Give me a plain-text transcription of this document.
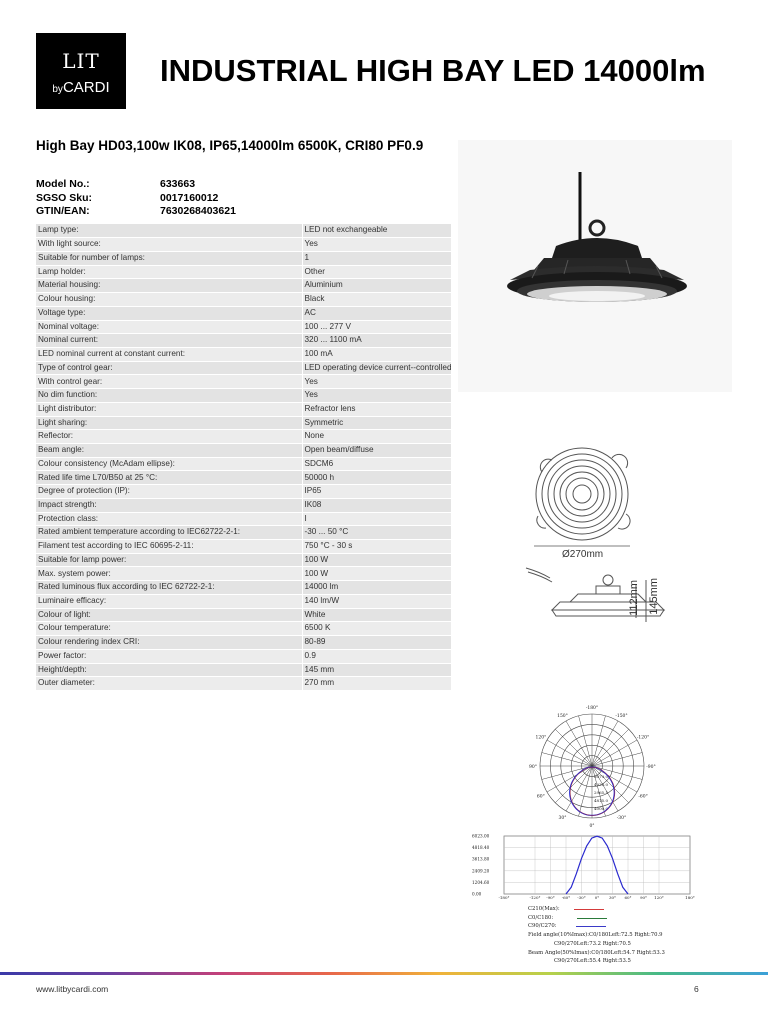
LIT
byCARDI	INDUSTRIAL HIGH BAY LED 14000lm
High Bay HD03,100w IK08, IP65,14000lm 6500K, CRI80 PF0.9
Model No.:	633663
SGSO Sku:	0017160012
GTIN/EAN:	7630268403621
Lamp type:	LED not exchangeable
With light source:	Yes
Suitable for number of lamps:	1
Lamp holder:	Other
Material housing:	Aluminium
Colour housing:	Black
Voltage type:	AC
Nominal voltage:	100 ... 277 V
Nominal current:	320 ... 1100 mA
LED nominal current at constant current:	100 mA
Type of control gear:	LED operating device current--controlled
With control gear:	Yes
No dim function:	Yes
Light distributor:	Refractor lens
Light sharing:	Symmetric
Reflector:	None
Beam angle:	Open beam/diffuse
Colour consistency (McAdam ellipse):	SDCM6
Rated life time L70/B50 at 25 °C:	50000 h
Degree of protection (IP):	IP65
Impact strength:	IK08
Protection class:	I
Rated ambient temperature according to IEC62722-2-1:	-30 ... 50 °C
Filament test according to IEC 60695-2-11:	750 °C - 30 s
Suitable for lamp power:	100 W
Max. system power:	100 W
Rated luminous flux according to IEC 62722-2-1:	14000 lm
Luminaire efficacy:	140 lm/W
Colour of light:	White
Colour temperature:	6500 K
Colour rendering index CRI:	80-89
Power factor:	0.9
Height/depth:	145 mm
Outer diameter:	270 mm
Ø270mm
112mm 145mm
-180°
-150°
150°
-120°
120°
-90°
90°
-60°
60°
-30°
30°
0°
5079.0
4020.0
2965.5
4815.0
4000.0
6023.00
4818.40
3613.80
2409.20
1204.60
0.00
-180°	-120° -90° -60° -30° 0° 30° 60° 90° 120°	180°
C210(Max):
C0/C180:
C90/C270:
Field angle(10%Imax):C0/180Left:72.5 Right:70.9
C90/270Left:73.2 Right:70.5
Beam Angle(50%Imax):C0/180Left:54.7 Right:53.3
C90/270Left:55.4 Right:53.5
www.litbycardi.com	6
